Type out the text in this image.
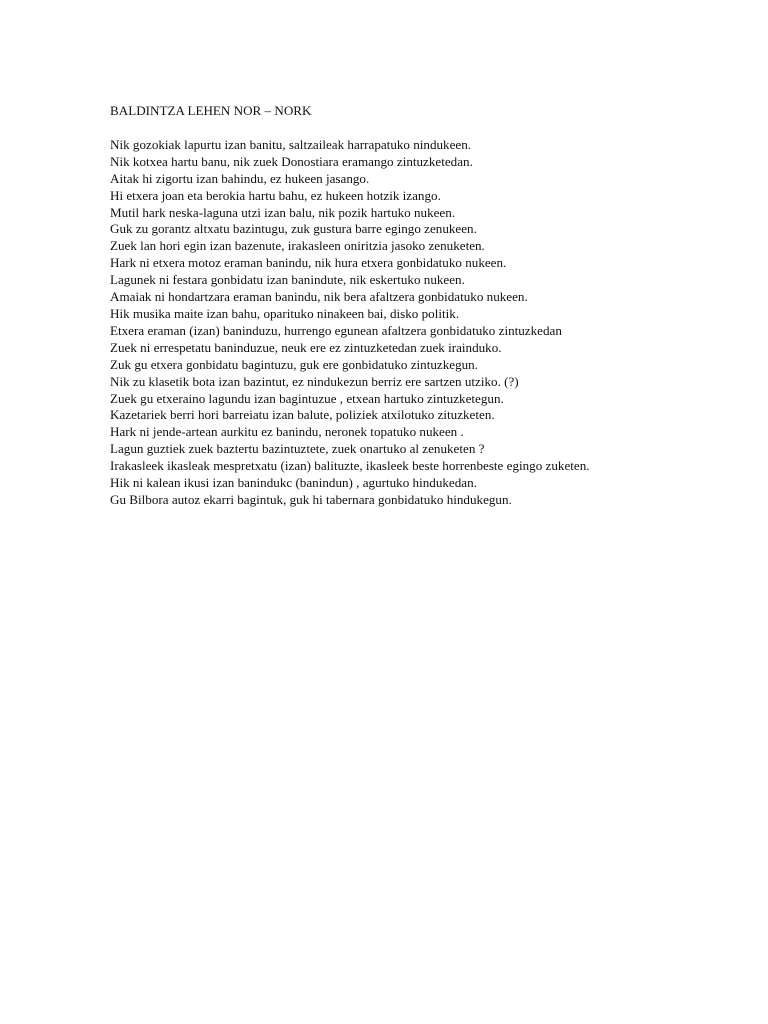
BALDINTZA LEHEN NOR – NORK

Nik gozokiak lapurtu izan banitu, saltzaileak harrapatuko nindukeen.
Nik kotxea hartu banu, nik zuek Donostiara eramango zintuzketedan.
Aitak hi zigortu izan bahindu, ez hukeen jasango.
Hi etxera joan eta berokia hartu bahu, ez hukeen hotzik izango.
Mutil hark neska-laguna utzi izan balu, nik pozik hartuko nukeen.
Guk zu gorantz altxatu bazintugu, zuk gustura barre egingo zenukeen.
Zuek lan hori egin izan bazenute, irakasleen oniritzia jasoko zenuketen.
Hark ni etxera motoz eraman banindu, nik hura etxera gonbidatuko nukeen.
Lagunek ni festara gonbidatu izan banindute, nik eskertuko nukeen.
Amaiak ni hondartzara eraman banindu, nik bera afaltzera gonbidatuko nukeen.
Hik musika maite izan bahu, oparituko ninakeen bai, disko politik.
Etxera eraman (izan) baninduzu, hurrengo egunean afaltzera gonbidatuko zintuzkedan
Zuek ni errespetatu baninduzue, neuk ere ez zintuzketedan zuek irainduko.
Zuk gu etxera gonbidatu bagintuzu, guk ere gonbidatuko zintuzkegun.
Nik zu klasetik bota izan bazintut, ez nindukezun berriz ere sartzen utziko. (?)
Zuek gu etxeraino lagundu izan bagintuzue , etxean hartuko zintuzketegun.
Kazetariek berri hori barreiatu izan balute, poliziek atxilotuko zituzketen.
Hark ni jende-artean aurkitu ez banindu, neronek topatuko nukeen .
Lagun guztiek zuek baztertu bazintuztete, zuek onartuko al zenuketen ?
Irakasleek ikasleak mespretxatu (izan) balituzte, ikasleek beste horrenbeste egingo zuketen.
Hik ni kalean ikusi izan banindukc (banindun) , agurtuko hindukedan.
Gu Bilbora autoz ekarri bagintuk, guk hi tabernara gonbidatuko hindukegun.
